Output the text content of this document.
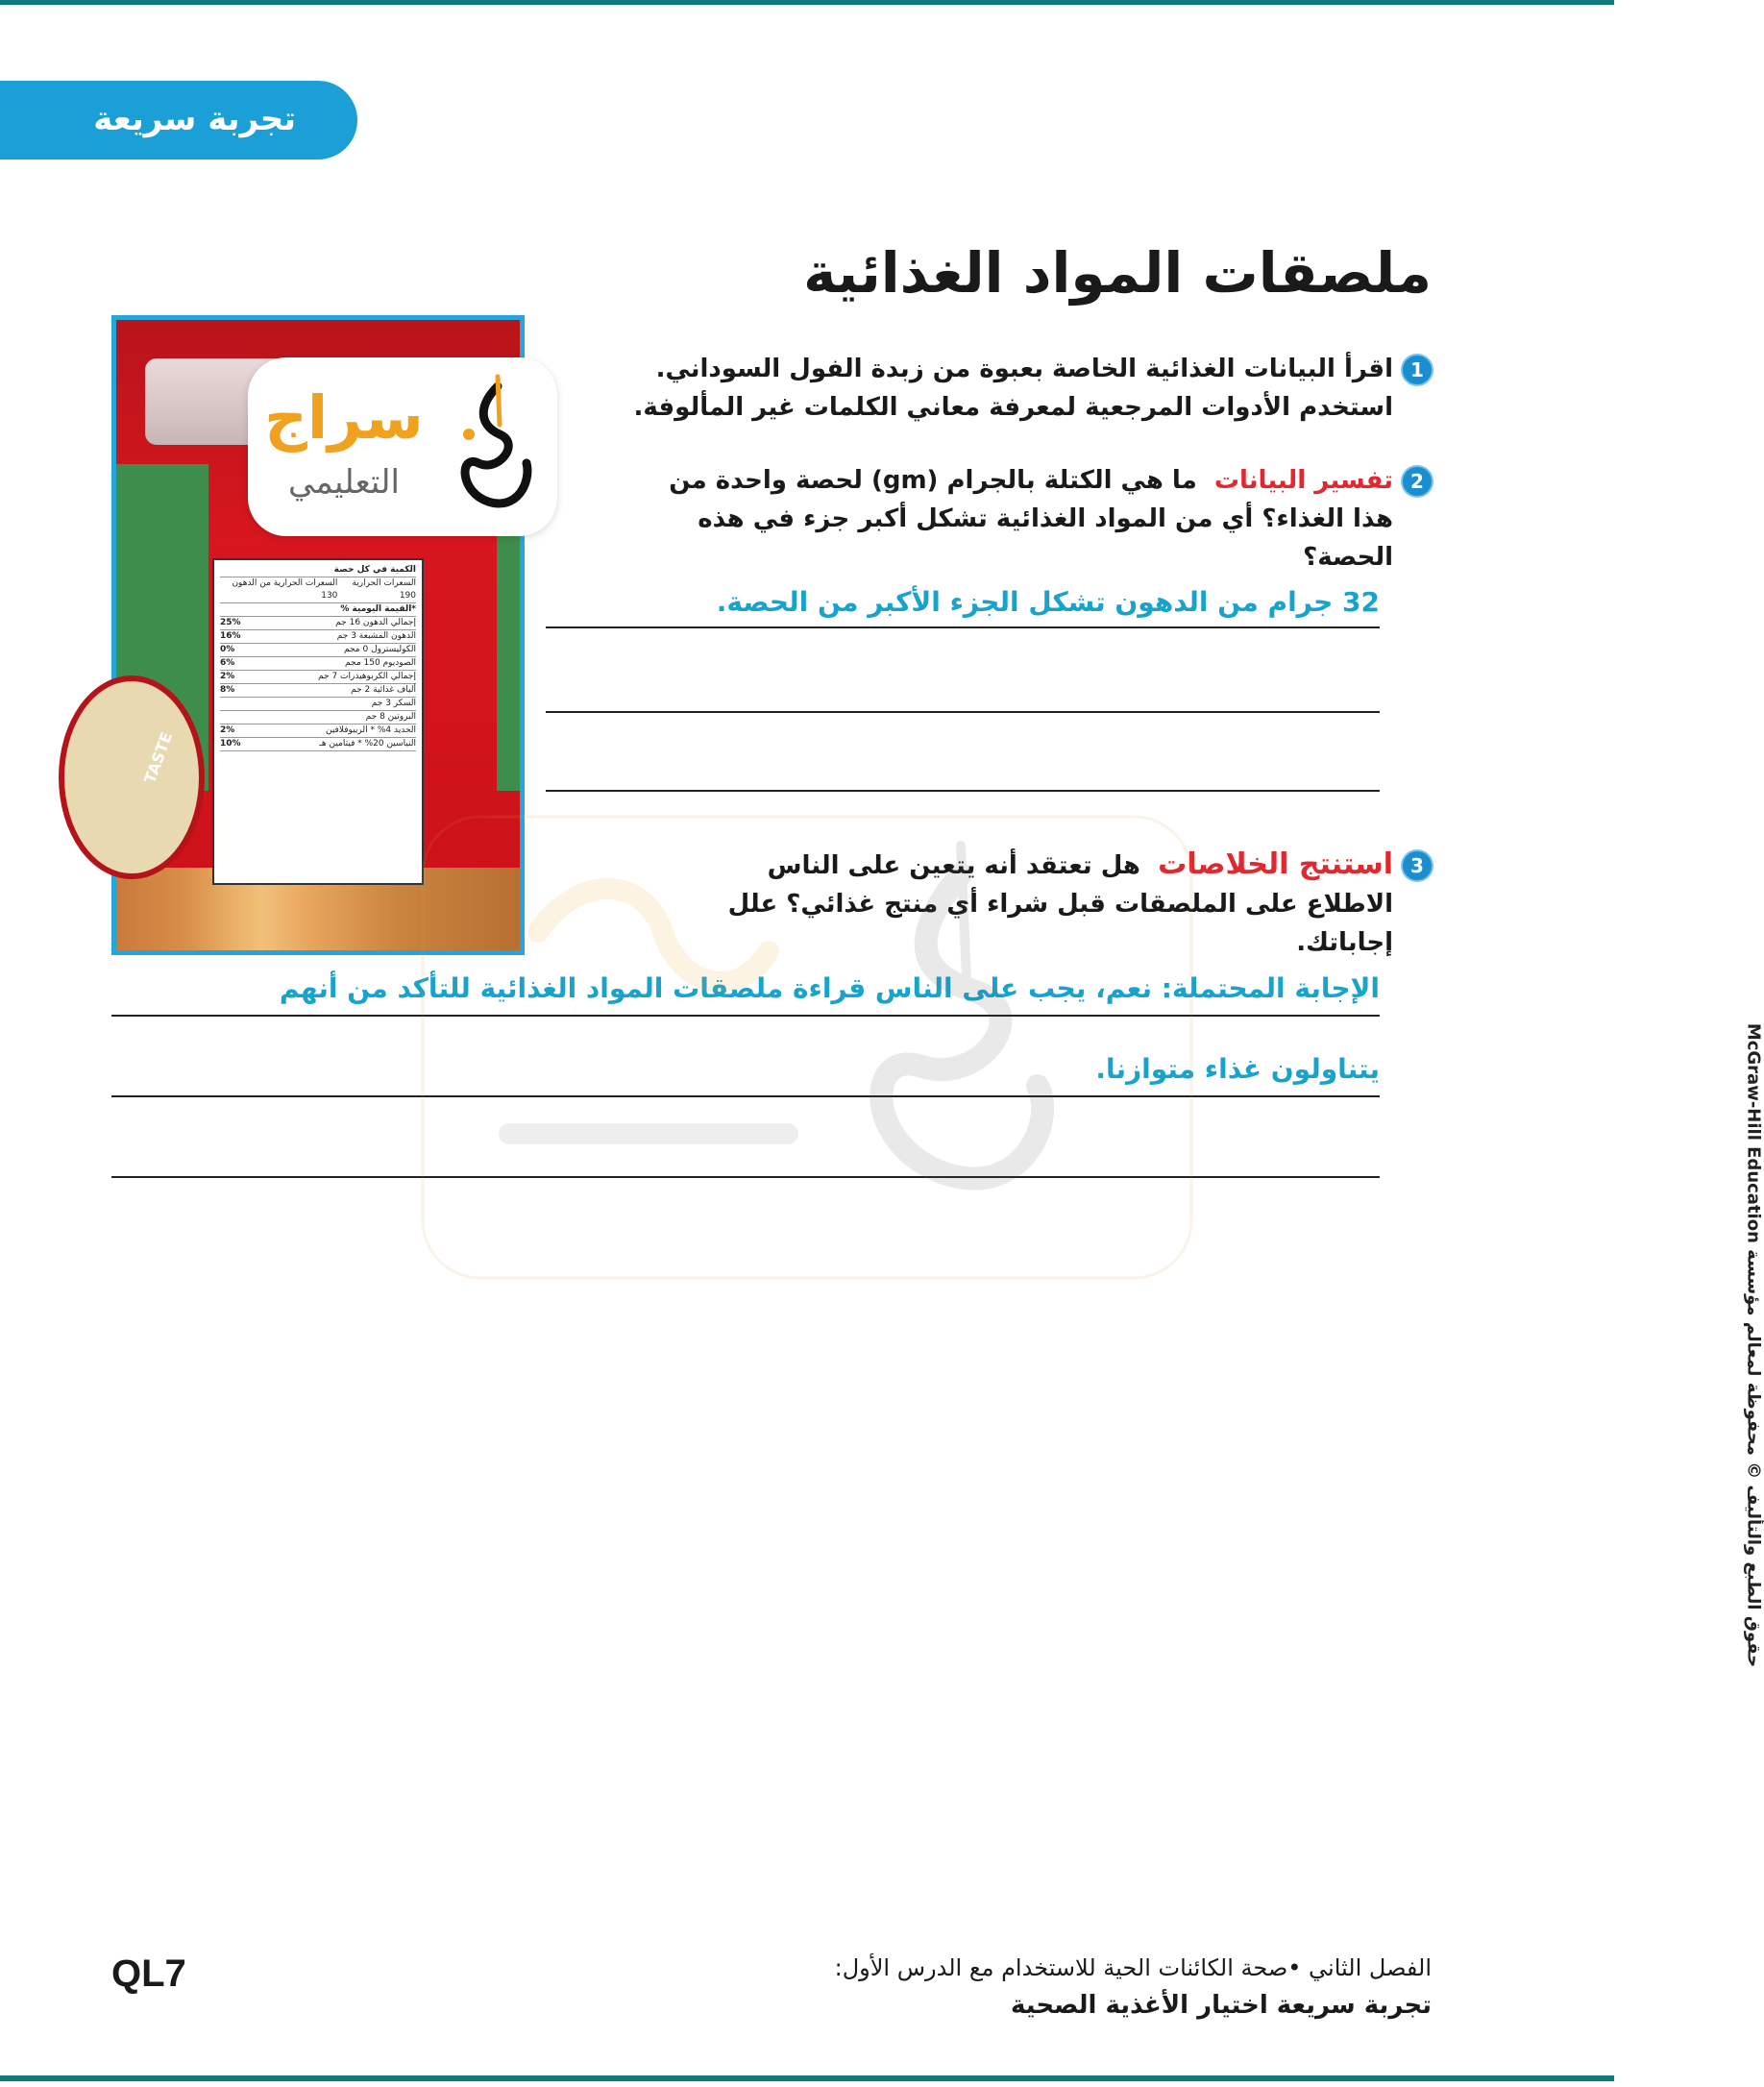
تجربة سريعة
ملصقات المواد الغذائية
TASTE
الكمية في كل حصة
السعرات الحرارية 190
السعرات الحرارية من الدهون 130
*القيمة اليومية %
إجمالي الدهون 16 جم
25%
الدهون المشبعة 3 جم
16%
الكوليسترول 0 مجم
0%
الصوديوم 150 مجم
6%
إجمالي الكربوهيدرات 7 جم
2%
ألياف غذائية 2 جم
8%
السكر 3 جم
البروتين 8 جم
الحديد 4% * الريبوفلافين
2%
النياسين 20% * فيتامين هـ
10%
سراج
التعليمي
1
اقرأ البيانات الغذائية الخاصة بعبوة من زبدة الفول السوداني.
استخدم الأدوات المرجعية لمعرفة معاني الكلمات غير المألوفة.
2
تفسير البيانات  ما هي الكتلة بالجرام (gm) لحصة واحدة من
هذا الغذاء؟ أي من المواد الغذائية تشكل أكبر جزء في هذه
الحصة؟
32 جرام من الدهون تشكل الجزء الأكبر من الحصة.
3
استنتج الخلاصات  هل تعتقد أنه يتعين على الناس
الاطلاع على الملصقات قبل شراء أي منتج غذائي؟ علل
إجاباتك.
الإجابة المحتملة: نعم، يجب على الناس قراءة ملصقات المواد الغذائية للتأكد من أنهم
يتناولون غذاء متوازنا.	حقوق الطبع والتأليف © محفوظة لمعالم مؤسسة McGraw-Hill Education
QL7	الفصل الثاني •صحة الكائنات الحية للاستخدام مع الدرس الأول:
تجربة سريعة اختيار الأغذية الصحية
